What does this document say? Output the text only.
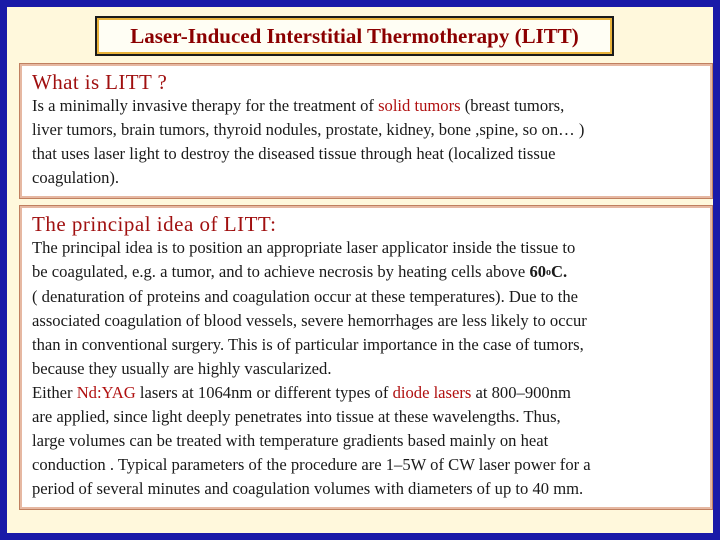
Laser-Induced Interstitial Thermotherapy (LITT)

What is LITT ?

Is a minimally invasive therapy for the treatment of solid tumors (breast tumors,

liver tumors, brain tumors, thyroid nodules, prostate, kidney, bone ,spine, so on… )

that uses laser light to destroy the diseased tissue through heat (localized tissue

coagulation).

The principal idea of LITT:

The principal idea is to position an appropriate laser applicator inside the tissue to

be coagulated, e.g. a tumor, and to achieve necrosis by heating cells above 60$^o$C.

( denaturation of proteins and coagulation occur at these temperatures). Due to the

associated coagulation of blood vessels, severe hemorrhages are less likely to occur

than in conventional surgery. This is of particular importance in the case of tumors,

because they usually are highly vascularized.

Either Nd:YAG lasers at 1064nm or different types of diode lasers at 800–900nm

are applied, since light deeply penetrates into tissue at these wavelengths. Thus,

large volumes can be treated with temperature gradients based mainly on heat

conduction . Typical parameters of the procedure are 1–5W of CW laser power for a

period of several minutes and coagulation volumes with diameters of up to 40 mm.
